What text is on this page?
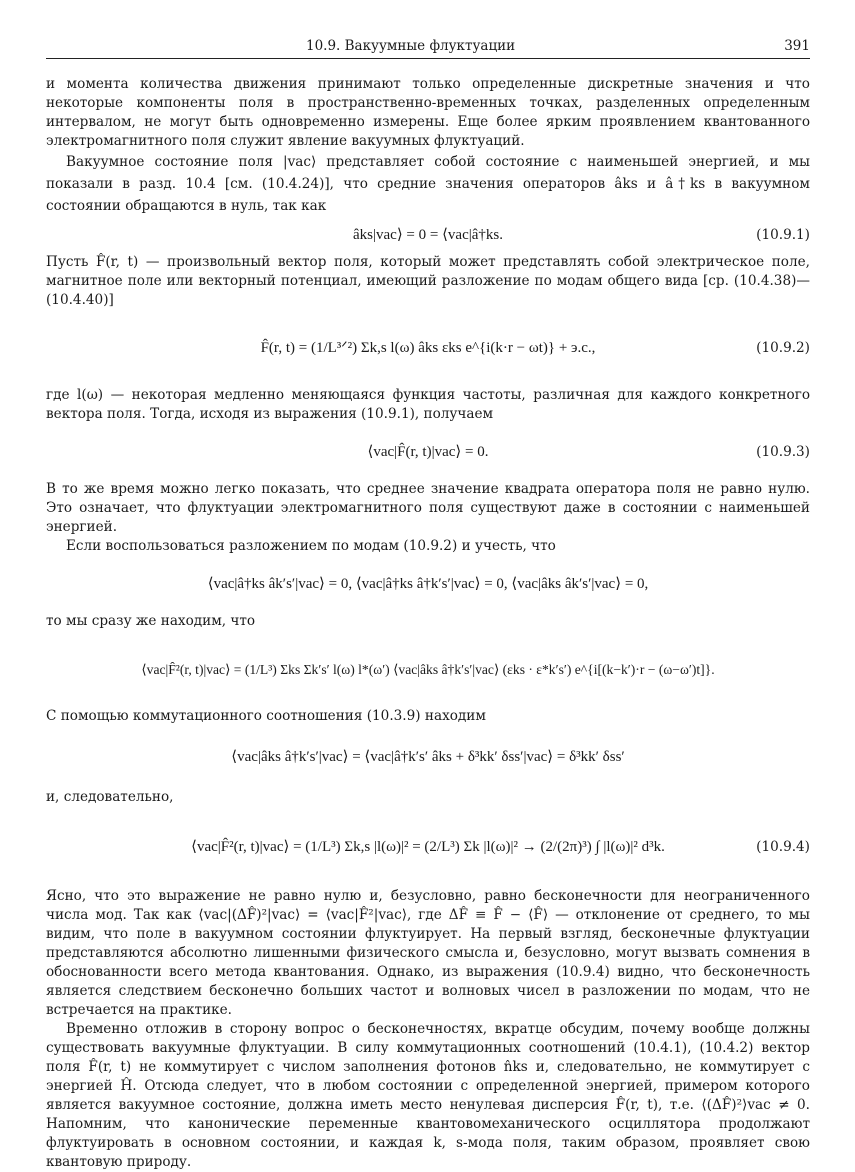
10.9. Вакуумные флуктуации	391

и момента количества движения принимают только определенные дискретные значения и что некоторые компоненты поля в пространственно-временных точках, разделенных определенным интервалом, не могут быть одновременно измерены. Еще более ярким проявлением квантованного электромагнитного поля служит явление вакуумных флуктуаций.

Вакуумное состояние поля |vac⟩ представляет собой состояние с наименьшей энергией, и мы показали в разд. 10.4 [см. (10.4.24)], что средние значения операторов âks и â†ks в вакуумном состоянии обращаются в нуль, так как

âks|vac⟩ = 0 = ⟨vac|â†ks.	(10.9.1)

Пусть F̂(r, t) — произвольный вектор поля, который может представлять собой электрическое поле, магнитное поле или векторный потенциал, имеющий разложение по модам общего вида [ср. (10.4.38)—(10.4.40)]

F̂(r, t) = (1/L³ᐟ²) Σk,s l(ω) âks εks e^{i(k·r − ωt)} + э.с.,	(10.9.2)

где l(ω) — некоторая медленно меняющаяся функция частоты, различная для каждого конкретного вектора поля. Тогда, исходя из выражения (10.9.1), получаем

⟨vac|F̂(r, t)|vac⟩ = 0.	(10.9.3)

В то же время можно легко показать, что среднее значение квадрата оператора поля не равно нулю. Это означает, что флуктуации электромагнитного поля существуют даже в состоянии с наименьшей энергией.

Если воспользоваться разложением по модам (10.9.2) и учесть, что

⟨vac|â†ks âk′s′|vac⟩ = 0, ⟨vac|â†ks â†k′s′|vac⟩ = 0, ⟨vac|âks âk′s′|vac⟩ = 0,

то мы сразу же находим, что

⟨vac|F̂²(r, t)|vac⟩ = (1/L³) Σks Σk′s′ l(ω) l*(ω′) ⟨vac|âks â†k′s′|vac⟩ (εks · ε*k′s′) e^{i[(k−k′)·r − (ω−ω′)t]}.

С помощью коммутационного соотношения (10.3.9) находим

⟨vac|âks â†k′s′|vac⟩ = ⟨vac|â†k′s′ âks + δ³kk′ δss′|vac⟩ = δ³kk′ δss′

и, следовательно,

⟨vac|F̂²(r, t)|vac⟩ = (1/L³) Σk,s |l(ω)|² = (2/L³) Σk |l(ω)|² → (2/(2π)³) ∫ |l(ω)|² d³k.	(10.9.4)

Ясно, что это выражение не равно нулю и, безусловно, равно бесконечности для неограниченного числа мод. Так как ⟨vac|(ΔF̂)²|vac⟩ = ⟨vac|F̂²|vac⟩, где ΔF̂ ≡ F̂ − ⟨F̂⟩ — отклонение от среднего, то мы видим, что поле в вакуумном состоянии флуктуирует. На первый взгляд, бесконечные флуктуации представляются абсолютно лишенными физического смысла и, безусловно, могут вызвать сомнения в обоснованности всего метода квантования. Однако, из выражения (10.9.4) видно, что бесконечность является следствием бесконечно больших частот и волновых чисел в разложении по модам, что не встречается на практике.

Временно отложив в сторону вопрос о бесконечностях, вкратце обсудим, почему вообще должны существовать вакуумные флуктуации. В силу коммутационных соотношений (10.4.1), (10.4.2) вектор поля F̂(r, t) не коммутирует с числом заполнения фотонов n̂ks и, следовательно, не коммутирует с энергией Ĥ. Отсюда следует, что в любом состоянии с определенной энергией, примером которого является вакуумное состояние, должна иметь место ненулевая дисперсия F̂(r, t), т.е. ⟨(ΔF̂)²⟩vac ≠ 0. Напомним, что канонические переменные квантовомеханического осциллятора продолжают флуктуировать в основном состоянии, и каждая k, s-мода поля, таким образом, проявляет свою квантовую природу.
